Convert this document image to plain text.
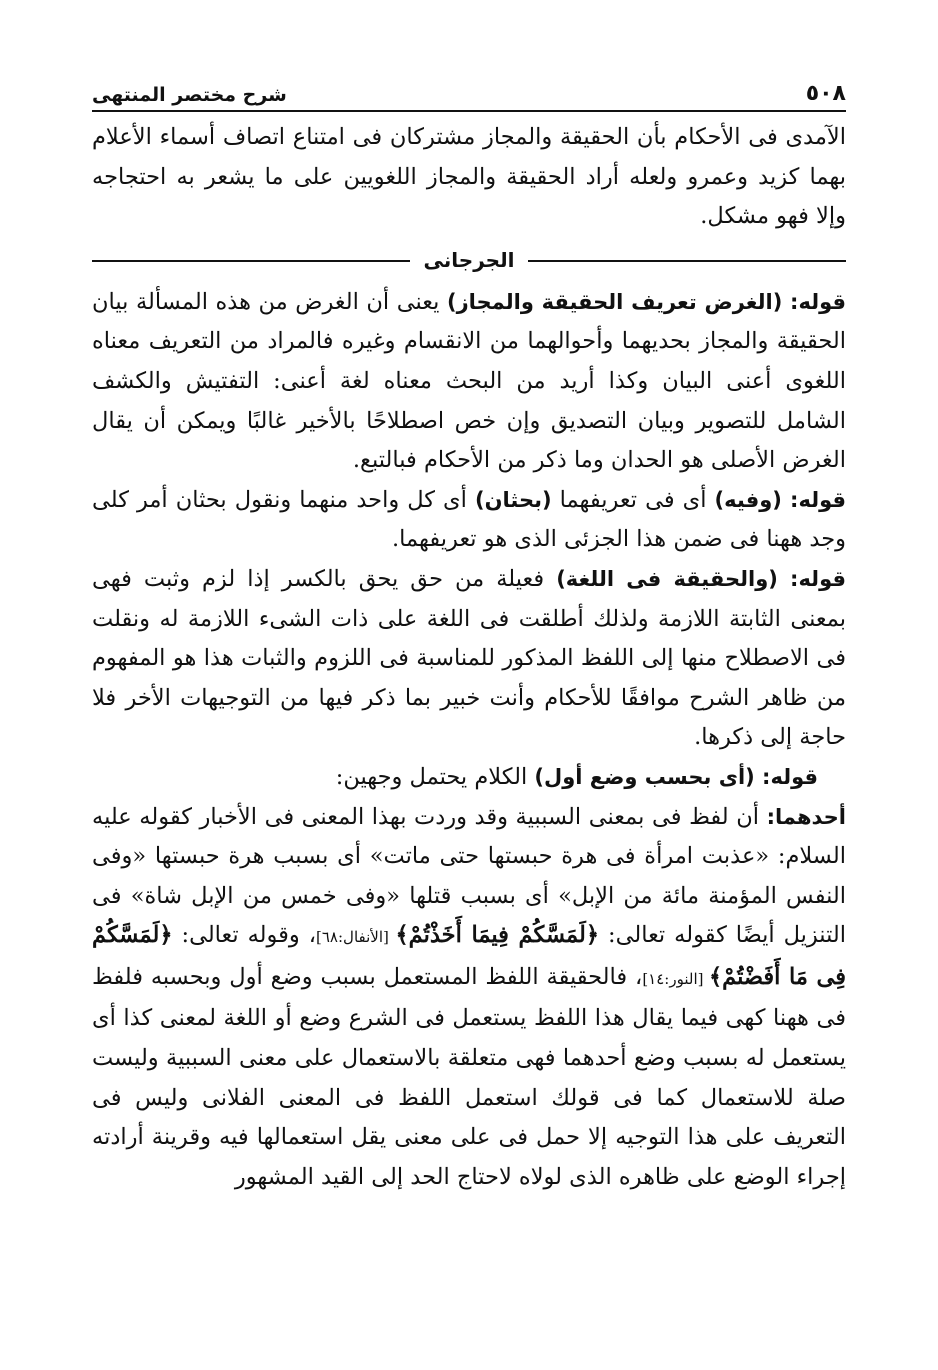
٥٠٨
شرح مختصر المنتهى

الآمدى فى الأحكام بأن الحقيقة والمجاز مشتركان فى امتناع اتصاف أسماء الأعلام بهما كزيد وعمرو ولعله أراد الحقيقة والمجاز اللغويين على ما يشعر به احتجاجه وإلا فهو مشكل.

الجرجانى

قوله: (الغرض تعريف الحقيقة والمجاز) يعنى أن الغرض من هذه المسألة بيان الحقيقة والمجاز بحديهما وأحوالهما من الانقسام وغيره فالمراد من التعريف معناه اللغوى أعنى البيان وكذا أريد من البحث معناه لغة أعنى: التفتيش والكشف الشامل للتصوير وبيان التصديق وإن خص اصطلاحًا بالأخير غالبًا ويمكن أن يقال الغرض الأصلى هو الحدان وما ذكر من الأحكام فبالتبع.

قوله: (وفيه) أى فى تعريفهما (بحثان) أى كل واحد منهما ونقول بحثان أمر كلى وجد ههنا فى ضمن هذا الجزئى الذى هو تعريفهما.

قوله: (والحقيقة فى اللغة) فعيلة من حق يحق بالكسر إذا لزم وثبت فهى بمعنى الثابتة اللازمة ولذلك أطلقت فى اللغة على ذات الشىء اللازمة له ونقلت فى الاصطلاح منها إلى اللفظ المذكور للمناسبة فى اللزوم والثبات هذا هو المفهوم من ظاهر الشرح موافقًا للأحكام وأنت خبير بما ذكر فيها من التوجيهات الأخر فلا حاجة إلى ذكرها.

قوله: (أى بحسب وضع أول) الكلام يحتمل وجهين:

أحدهما: أن لفظ فى بمعنى السببية وقد وردت بهذا المعنى فى الأخبار كقوله عليه السلام: «عذبت امرأة فى هرة حبستها حتى ماتت» أى بسبب هرة حبستها «وفى النفس المؤمنة مائة من الإبل» أى بسبب قتلها «وفى خمس من الإبل شاة» فى التنزيل أيضًا كقوله تعالى: ﴿لَمَسَّكُمْ فِيمَا أَخَذْتُمْ﴾ [الأنفال:٦٨]، وقوله تعالى: ﴿لَمَسَّكُمْ فِى مَا أَفَضْتُمْ﴾ [النور:١٤]، فالحقيقة اللفظ المستعمل بسبب وضع أول وبحسبه فلفظ فى ههنا كهى فيما يقال هذا اللفظ يستعمل فى الشرع وضع أو اللغة لمعنى كذا أى يستعمل له بسبب وضع أحدهما فهى متعلقة بالاستعمال على معنى السببية وليست صلة للاستعمال كما فى قولك استعمل اللفظ فى المعنى الفلانى وليس فى التعريف على هذا التوجيه إلا حمل فى على معنى يقل استعمالها فيه وقرينة أرادته إجراء الوضع على ظاهره الذى لولاه لاحتاج الحد إلى القيد المشهور
